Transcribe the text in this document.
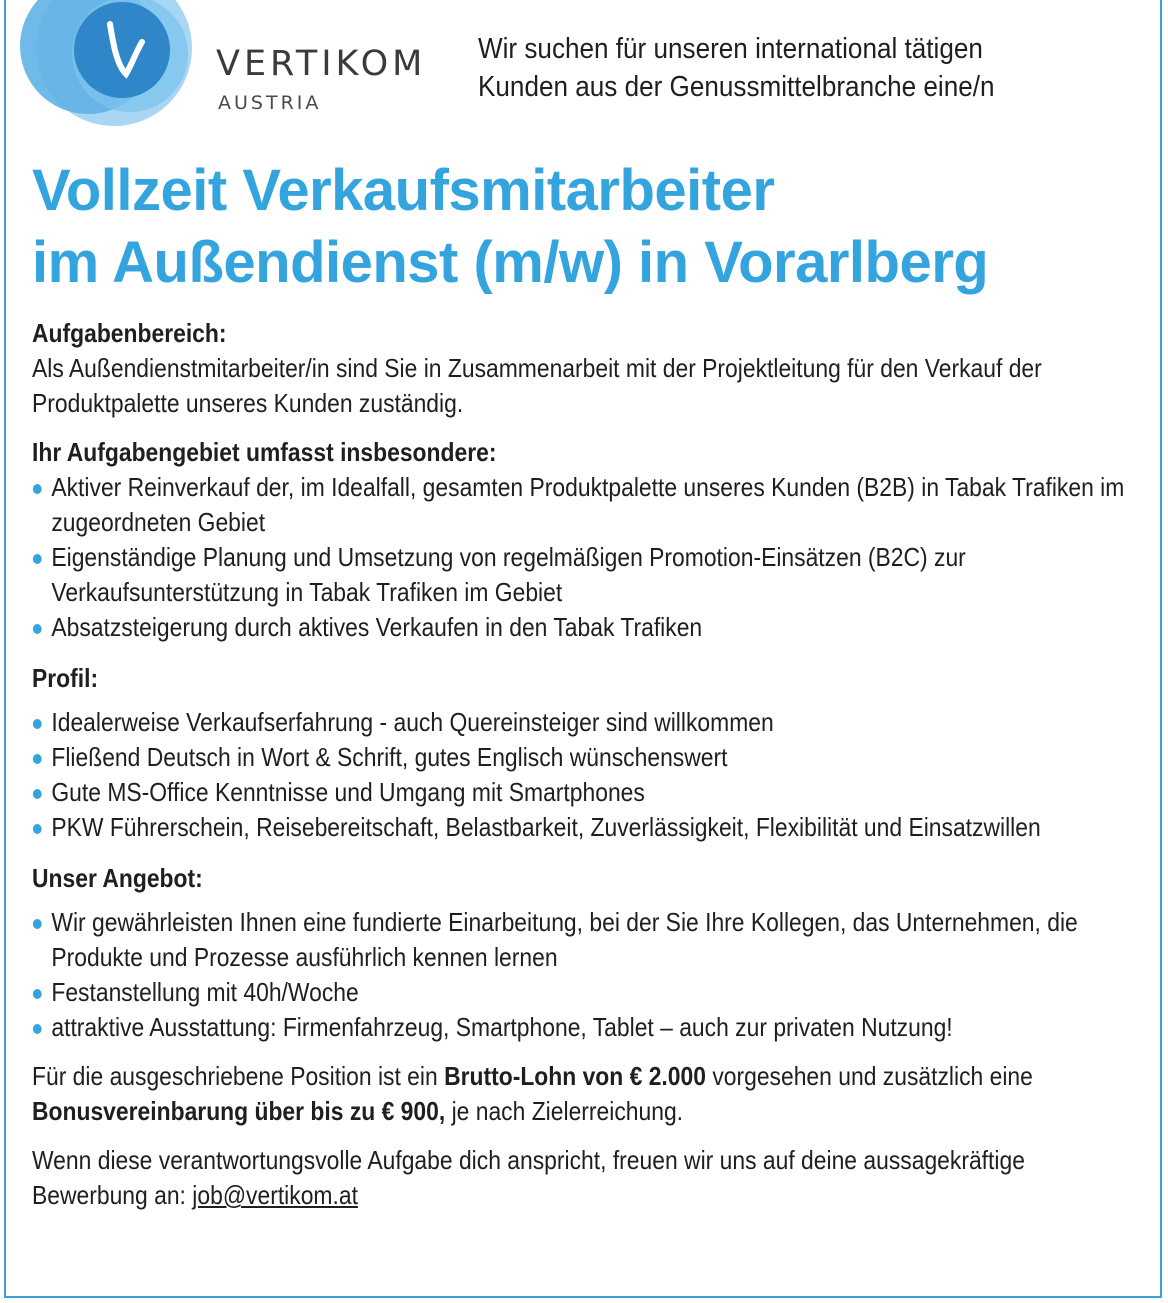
VERTIKOM
AUSTRIA
Wir suchen für unseren international tätigen Kunden aus der Genussmittelbranche eine/n
Vollzeit Verkaufsmitarbeiter
im Außendienst (m/w) in Vorarlberg
Aufgabenbereich:

Als Außendienstmitarbeiter/in sind Sie in Zusammenarbeit mit der Projektleitung für den Verkauf der Produktpalette unseres Kunden zuständig.

Ihr Aufgabengebiet umfasst insbesondere:
Aktiver Reinverkauf der, im Idealfall, gesamten Produktpalette unseres Kunden (B2B) in Tabak Trafiken im zugeordneten Gebiet
Eigenständige Planung und Umsetzung von regelmäßigen Promotion-Einsätzen (B2C) zur Verkaufsunterstützung in Tabak Trafiken im Gebiet
Absatzsteigerung durch aktives Verkaufen in den Tabak Trafiken
Profil:
Idealerweise Verkaufserfahrung - auch Quereinsteiger sind willkommen
Fließend Deutsch in Wort & Schrift, gutes Englisch wünschenswert
Gute MS-Office Kenntnisse und Umgang mit Smartphones
PKW Führerschein, Reisebereitschaft, Belastbarkeit, Zuverlässigkeit, Flexibilität und Einsatzwillen
Unser Angebot:
Wir gewährleisten Ihnen eine fundierte Einarbeitung, bei der Sie Ihre Kollegen, das Unternehmen, die Produkte und Prozesse ausführlich kennen lernen
Festanstellung mit 40h/Woche
attraktive Ausstattung: Firmenfahrzeug, Smartphone, Tablet – auch zur privaten Nutzung!

Für die ausgeschriebene Position ist ein Brutto-Lohn von € 2.000 vorgesehen und zusätzlich eine Bonusvereinbarung über bis zu € 900, je nach Zielerreichung.

Wenn diese verantwortungsvolle Aufgabe dich anspricht, freuen wir uns auf deine aussagekräftige Bewerbung an: job@vertikom.at
